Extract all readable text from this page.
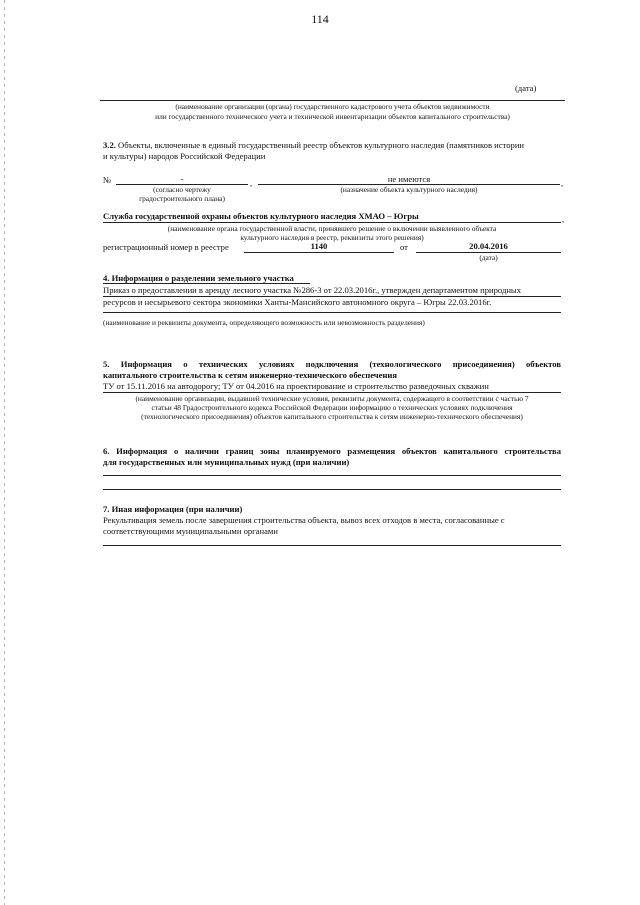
114
(дата)
(наименование организации (органа) государственного кадастрового учета объектов недвижимости
или государственного технического учета и технической инвентаризации объектов капитального строительства)
3.2. Объекты, включенные в единый государственный реестр объектов культурного наследия (памятников истории
и культуры) народов Российской Федерации
№	-	,	не имеются	,
(согласно чертежу
градостроительного плана)
(назначение объекта культурного наследия)
Служба государственной охраны объектов культурного наследия ХМАО – Югры	,
(наименование органа государственной власти, принявшего решение о включении выявленного объекта
культурного наследия в реестр, реквизиты этого решения)
регистрационный номер в реестре	1140	от	20.04.2016
(дата)
4. Информация о разделении земельного участка
Приказ о предоставлении в аренду лесного участка №286-3 от 22.03.2016г., утвержден департаментом природных
ресурсов и несырьевого сектора экономики Ханты-Мансийского автономного округа – Югры 22.03.2016г.
(наименование и реквизиты документа, определяющего возможность или невозможность разделения)
5. Информация о технических условиях подключения (технологического присоединения) объектов
капитального строительства к сетям инженерно-технического обеспечения
ТУ от 15.11.2016 на автодорогу; ТУ от 04.2016 на проектирование и строительство разведочных скважин
(наименование организации, выдавшей технические условия, реквизиты документа, содержащего в соответствии с частью 7
статьи 48 Градостроительного кодекса Российской Федерации информацию о технических условиях подключения
(технологического присоединения) объектов капитального строительства к сетям инженерно-технического обеспечения)
6. Информация о наличии границ зоны планируемого размещения объектов капитального строительства
для государственных или муниципальных нужд (при наличии)
7. Иная информация (при наличии)
Рекультивация земель после завершения строительства объекта, вывоз всех отходов в места, согласованные с
соответствующими муниципальными органами
